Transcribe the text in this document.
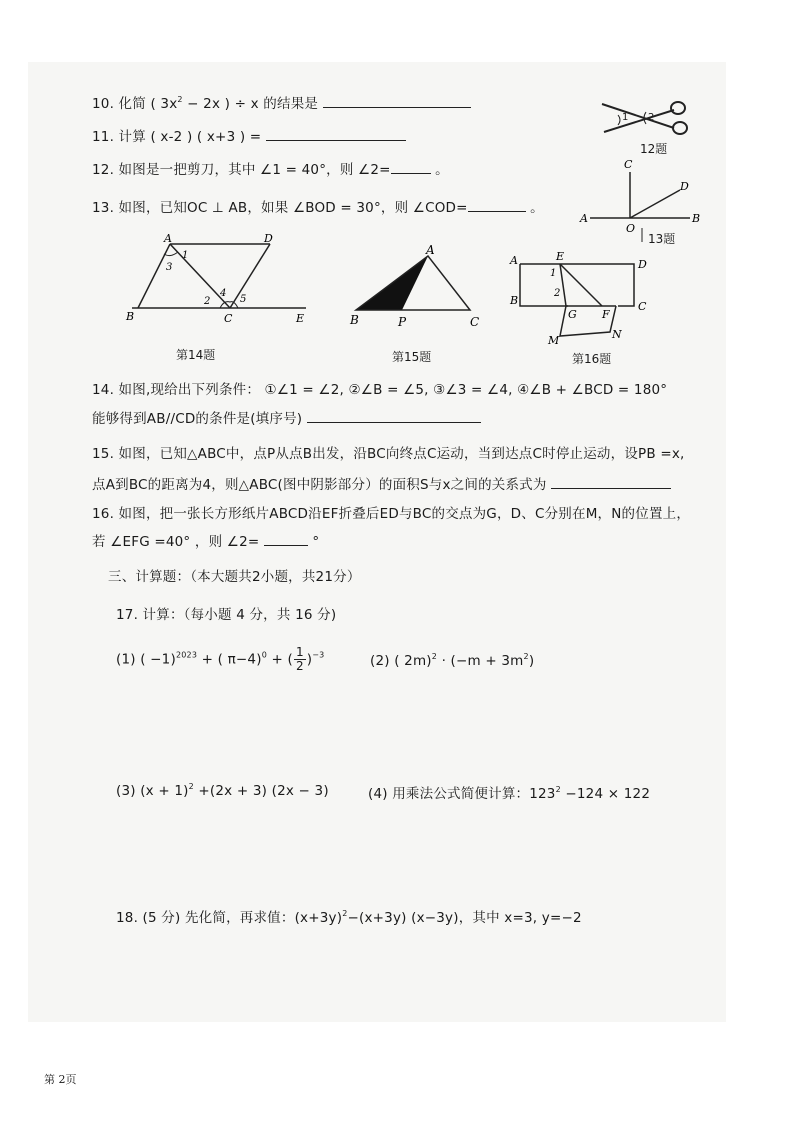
10. 化简 ( $3x^2 - 2x$ ) ÷ x 的结果是
11. 计算 ( x-2 ) ( x+3 ) =
12. 如图是一把剪刀，其中 ∠1 = 40°，则 ∠2=	。
13. 如图，已知OC ⊥ AB，如果 ∠BOD = 30°，则 ∠COD=	。
1 2
12题
C
D
A
O
B
13题
A	D
1
3
2
4
5
B	C	E
第14题
A
B	P	C
第15题
A	E
D
1
2
B
G F
C
M	N
第16题
14. 如图,现给出下列条件： ①∠1 = ∠2, ②∠B = ∠5, ③∠3 = ∠4, ④∠B + ∠BCD = 180°
能够得到AB//CD的条件是(填序号)
15. 如图，已知△ABC中，点P从点B出发，沿BC向终点C运动，当到达点C时停止运动，设PB =x,
点A到BC的距离为4，则△ABC(图中阴影部分）的面积S与x之间的关系式为
16. 如图，把一张长方形纸片ABCD沿EF折叠后ED与BC的交点为G，D、C分别在M，N的位置上，
若 ∠EFG =40° ，则 ∠2=	°
三、计算题：（本大题共2小题，共21分）
17. 计算：（每小题 4 分，共 16 分)
(1) ( −1)$^{2023}$ + ( π−4)$^0$ + ( $\frac{1}{2} )^{-3}$	(2) ( $2m)^2 \cdot (-m + 3m^2)$
(3) $(x + 1)^2 +(2x + 3)$ (2x − 3)	(4) 用乘法公式简便计算：$123^2 -124 \times 122$
18. (5 分) 先化简，再求值：$(x+3y)^2-(x+3y)$ (x−3y)，其中 x=3, y=−2
第 2页
